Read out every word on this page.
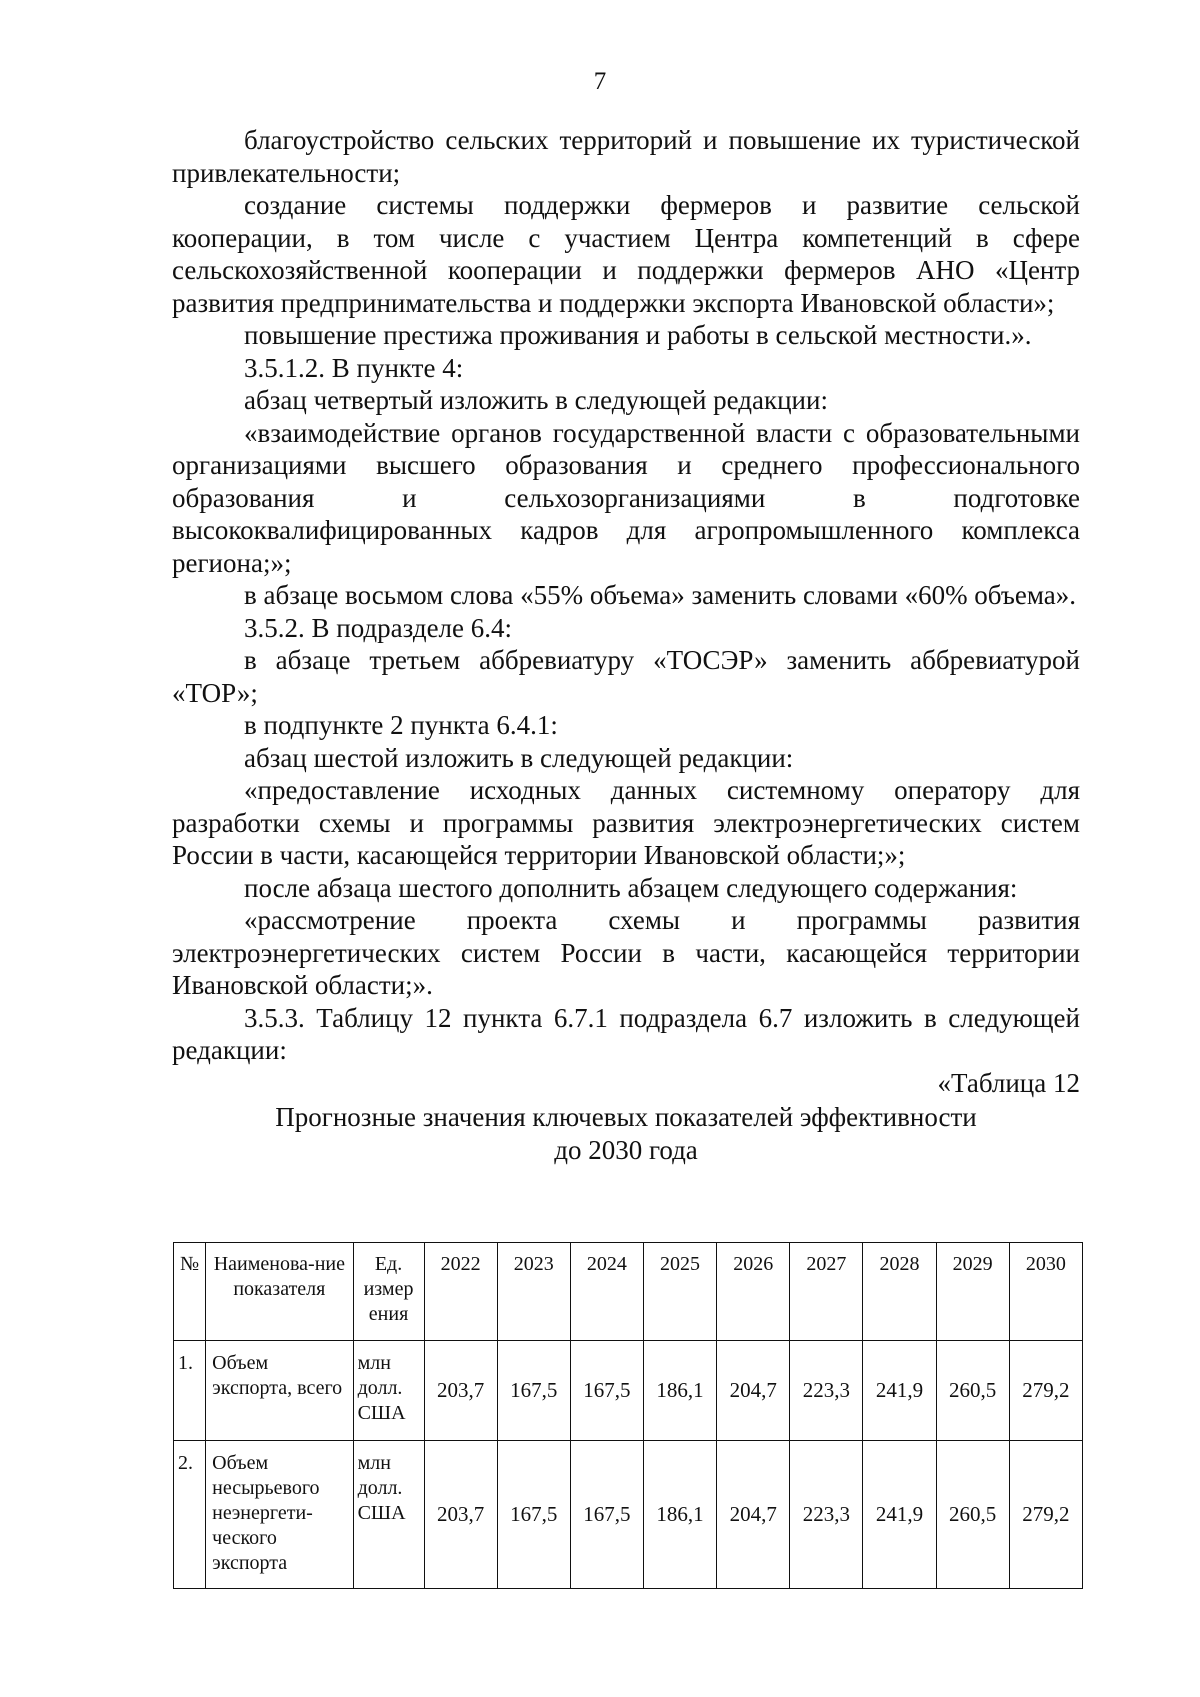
7

благоустройство сельских территорий и повышение их туристической привлекательности;

создание системы поддержки фермеров и развитие сельской кооперации, в том числе с участием Центра компетенций в сфере сельскохозяйственной кооперации и поддержки фермеров АНО «Центр развития предпринимательства и поддержки экспорта Ивановской области»;

повышение престижа проживания и работы в сельской местности.».

3.5.1.2. В пункте 4:

абзац четвертый изложить в следующей редакции:

«взаимодействие органов государственной власти с образовательными организациями высшего образования и среднего профессионального образования и сельхозорганизациями в подготовке высококвалифицированных кадров для агропромышленного комплекса региона;»;

в абзаце восьмом слова «55% объема» заменить словами «60% объема».

3.5.2. В подразделе 6.4:

в абзаце третьем аббревиатуру «ТОСЭР» заменить аббревиатурой «ТОР»;

в подпункте 2 пункта 6.4.1:

абзац шестой изложить в следующей редакции:

«предоставление исходных данных системному оператору для разработки схемы и программы развития электроэнергетических систем России в части, касающейся территории Ивановской области;»;

после абзаца шестого дополнить абзацем следующего содержания:

«рассмотрение проекта схемы и программы развития электроэнергетических систем России в части, касающейся территории Ивановской области;».

3.5.3. Таблицу 12 пункта 6.7.1 подраздела 6.7 изложить в следующей редакции:

«Таблица 12

Прогнозные значения ключевых показателей эффективности

до 2030 года

№	Наименова-ние показателя	Ед. измер ения	2022	2023	2024	2025	2026	2027	2028	2029	2030
1.	Объем экспорта, всего	млн долл. США	203,7	167,5	167,5	186,1	204,7	223,3	241,9	260,5	279,2
2.	Объем несырьевого неэнергети-ческого экспорта	млн долл. США	203,7	167,5	167,5	186,1	204,7	223,3	241,9	260,5	279,2
